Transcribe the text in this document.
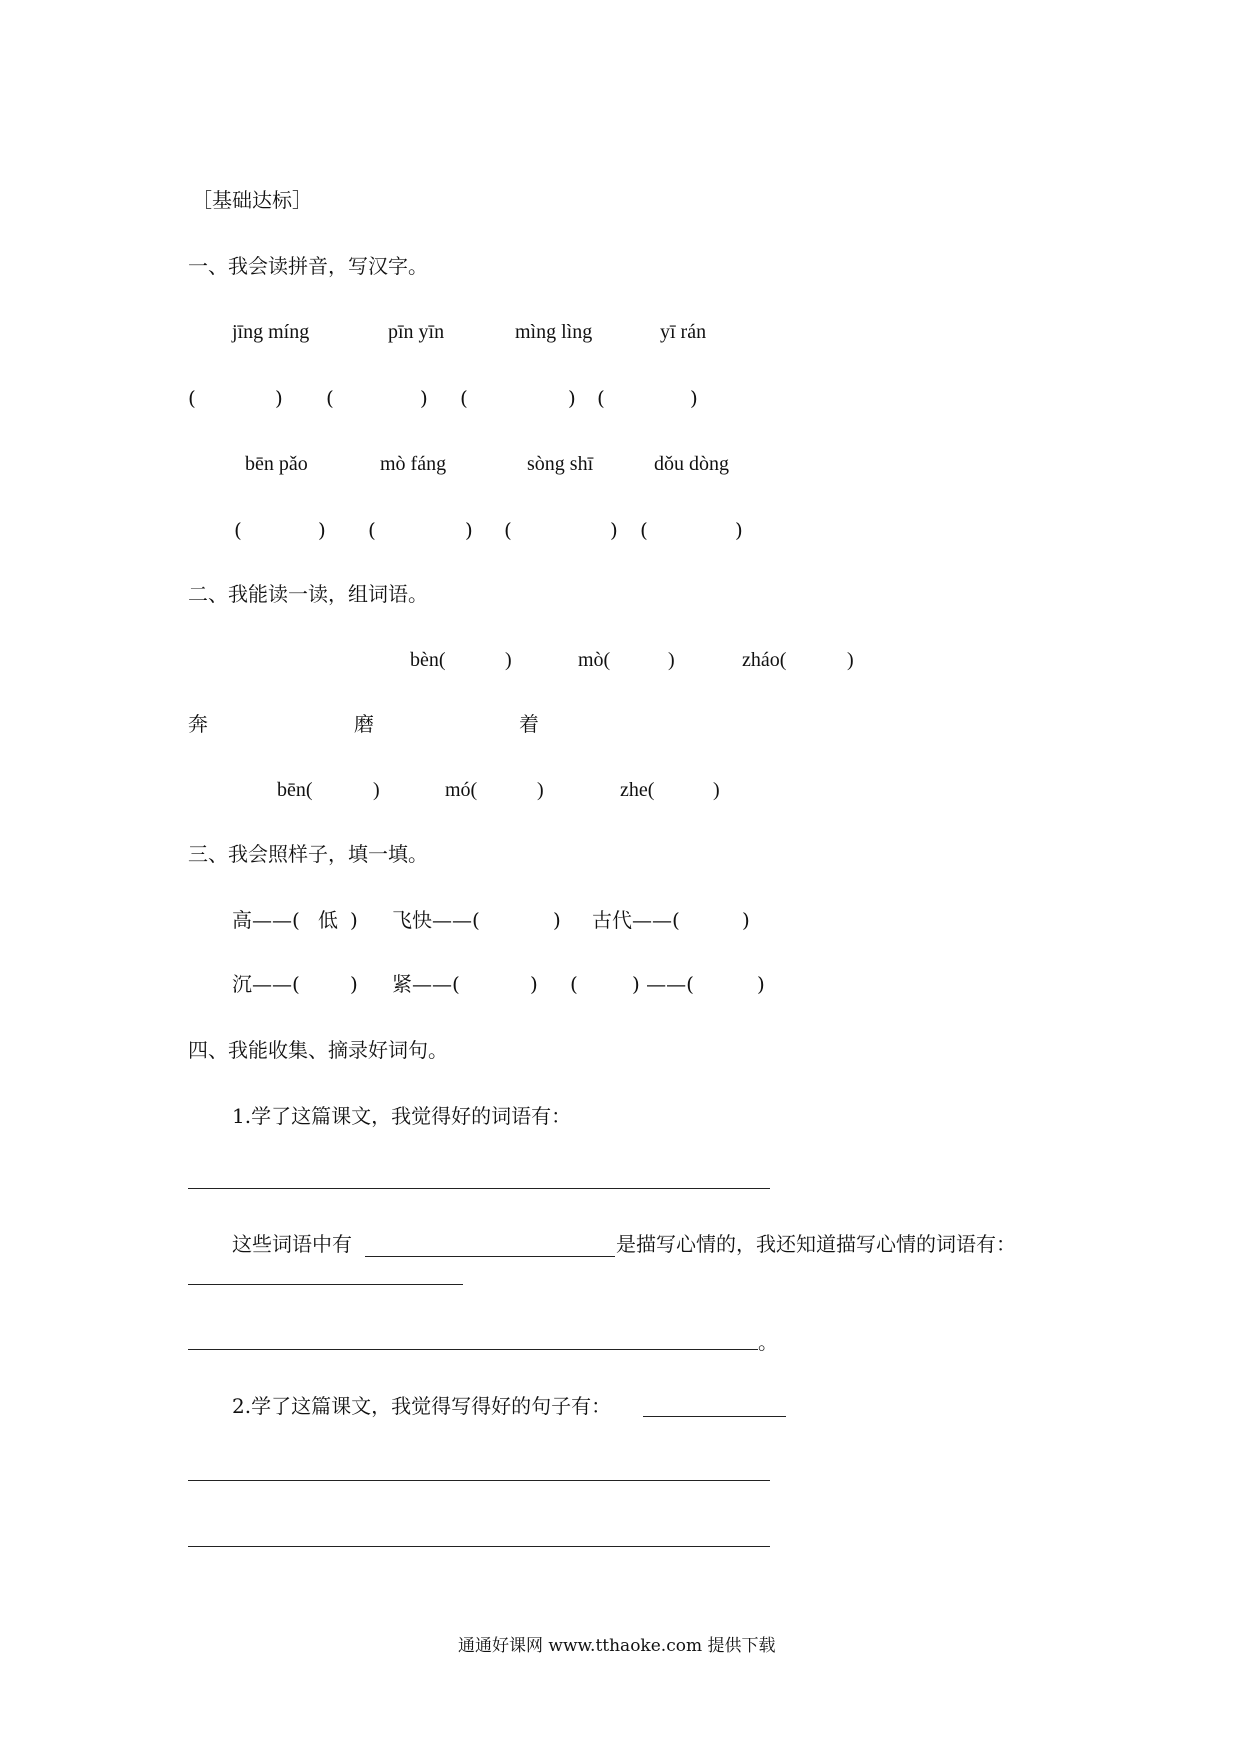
［基础达标］
一、我会读拼音，写汉字。
jīng míng	pīn yīn	mìng lìng	yī rán
(	) (	) (	) (	)
bēn pǎo	mò fáng	sòng shī	dǒu dòng
(	) (	) (	) (	)
二、我能读一读，组词语。
bèn(	)	mò(	)	zháo(	)
奔	磨	着
bēn(	)	mó(	)	zhe(	)
三、我会照样子，填一填。
高——( 低 ) 飞快——(	) 古代——(	)
沉——(	) 紧——(	) (	) ——(	)
四、我能收集、摘录好词句。
1.学了这篇课文，我觉得好的词语有：
这些词语中有	是描写心情的，我还知道描写心情的词语有：
。
2.学了这篇课文，我觉得写得好的句子有：
通通好课网 www.tthaoke.com 提供下载
